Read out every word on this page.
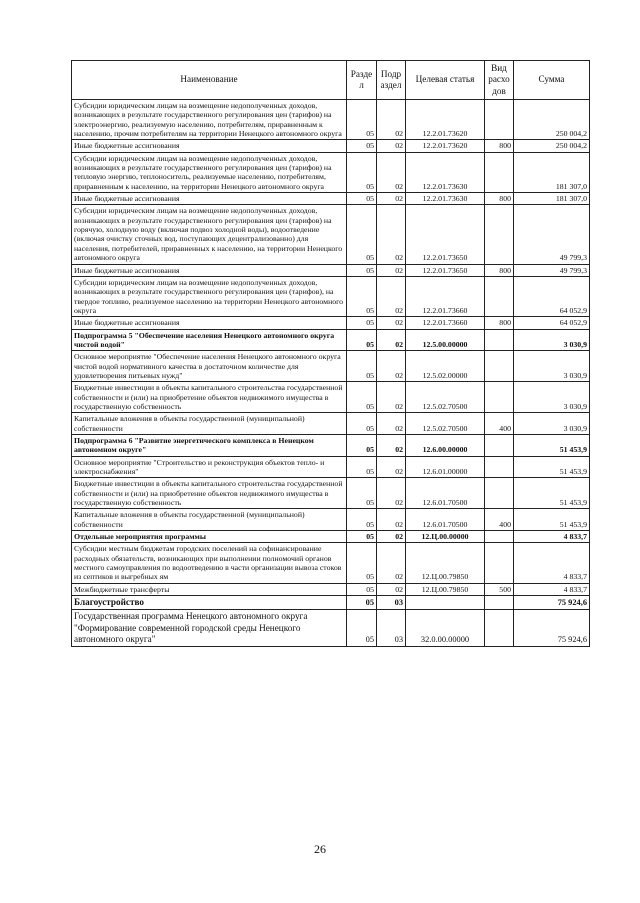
Наименование	Разде л	Подр аздел	Целевая статья	Вид расхо дов	Сумма
Субсидии юридическим лицам на возмещение недополученных доходов, возникающих в результате государственного регулирования цен (тарифов) на электроэнергию, реализуемую населению, потребителям, приравненным к населению, прочим потребителям на территории Ненецкого автономного округа	05	02	12.2.01.73620		250 004,2
Иные бюджетные ассигнования	05	02	12.2.01.73620	800	250 004,2
Субсидии юридическим лицам на возмещение недополученных доходов, возникающих в результате государственного регулирования цен (тарифов) на тепловую энергию, теплоноситель, реализуемые населению, потребителям, приравненным к населению, на территории Ненецкого автономного округа	05	02	12.2.01.73630		181 307,0
Иные бюджетные ассигнования	05	02	12.2.01.73630	800	181 307,0
Субсидии юридическим лицам на возмещение недополученных доходов, возникающих в результате государственного регулирования цен (тарифов) на горячую, холодную воду (включая подвоз холодной воды), водоотведение (включая очистку сточных вод, поступающих децентрализованно) для населения, потребителей, приравненных к населению, на территории Ненецкого автономного округа	05	02	12.2.01.73650		49 799,3
Иные бюджетные ассигнования	05	02	12.2.01.73650	800	49 799,3
Субсидии юридическим лицам на возмещение недополученных доходов, возникающих в результате государственного регулирования цен (тарифов), на твердое топливо, реализуемое населению на территории Ненецкого автономного округа	05	02	12.2.01.73660		64 052,9
Иные бюджетные ассигнования	05	02	12.2.01.73660	800	64 052,9
Подпрограмма 5 "Обеспечение населения Ненецкого автономного округа чистой водой"	05	02	12.5.00.00000		3 030,9
Основное мероприятие "Обеспечение населения Ненецкого автономного округа чистой водой нормативного качества в достаточном количестве для удовлетворения питьевых нужд"	05	02	12.5.02.00000		3 030,9
Бюджетные инвестиции в объекты капитального строительства государственной собственности и (или) на приобретение объектов недвижимого имущества в государственную собственность	05	02	12.5.02.70500		3 030,9
Капитальные вложения в объекты государственной (муниципальной) собственности	05	02	12.5.02.70500	400	3 030,9
Подпрограмма 6 "Развитие энергетического комплекса в Ненецком автономном округе"	05	02	12.6.00.00000		51 453,9
Основное мероприятие "Строительство и реконструкция объектов тепло- и электроснабжения"	05	02	12.6.01.00000		51 453,9
Бюджетные инвестиции в объекты капитального строительства государственной собственности и (или) на приобретение объектов недвижимого имущества в государственную собственность	05	02	12.6.01.70500		51 453,9
Капитальные вложения в объекты государственной (муниципальной) собственности	05	02	12.6.01.70500	400	51 453,9
Отдельные мероприятия программы	05	02	12.Ц.00.00000		4 833,7
Субсидии местным бюджетам городских поселений на софинансирование расходных обязательств, возникающих при выполнении полномочий органов местного самоуправления по водоотведению в части организации вывоза стоков из септиков и выгребных ям	05	02	12.Ц.00.79850		4 833,7
Межбюджетные трансферты	05	02	12.Ц.00.79850	500	4 833,7
Благоустройство	05	03			75 924,6
Государственная программа Ненецкого автономного округа "Формирование современной городской среды Ненецкого автономного округа"	05	03	32.0.00.00000		75 924,6
26
